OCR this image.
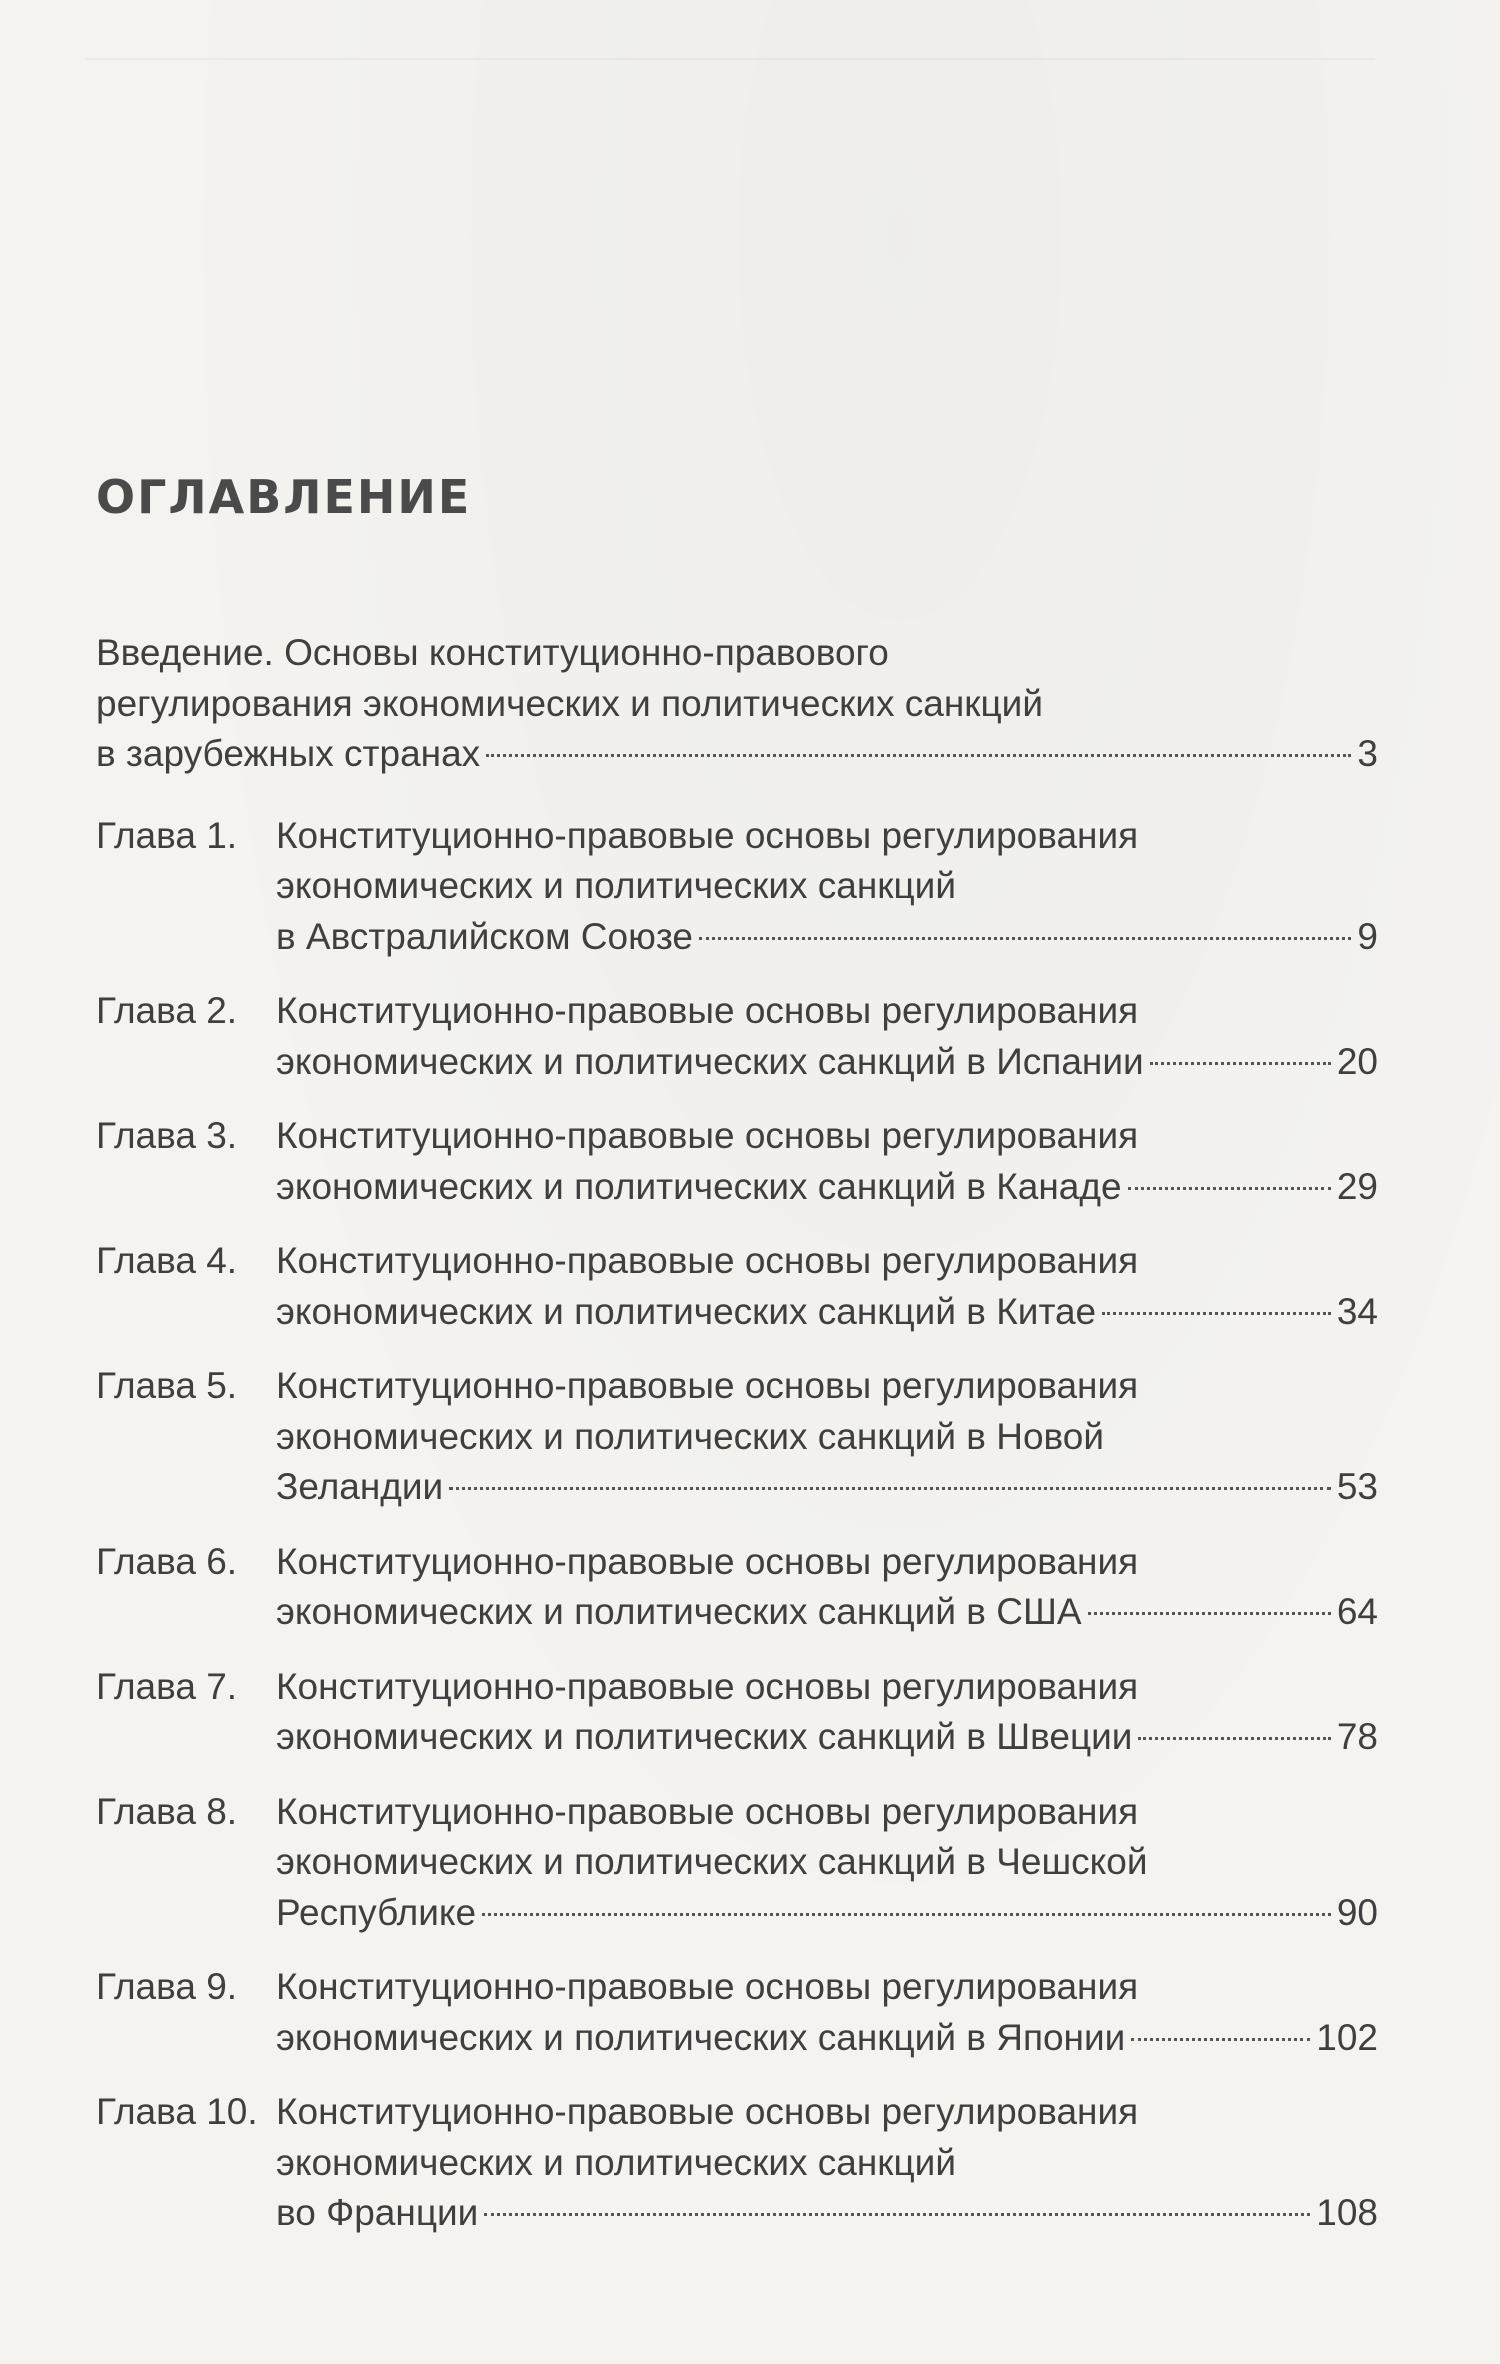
ОГЛАВЛЕНИЕ
Введение. Основы конституционно-правового
регулирования экономических и политических санкций
в зарубежных странах	3
Глава 1.	Конституционно-правовые основы регулирования
экономических и политических санкций
в Австралийском Союзе	9
Глава 2.	Конституционно-правовые основы регулирования
экономических и политических санкций в Испании	20
Глава 3.	Конституционно-правовые основы регулирования
экономических и политических санкций в Канаде	29
Глава 4.	Конституционно-правовые основы регулирования
экономических и политических санкций в Китае	34
Глава 5.	Конституционно-правовые основы регулирования
экономических и политических санкций в Новой
Зеландии	53
Глава 6.	Конституционно-правовые основы регулирования
экономических и политических санкций в США	64
Глава 7.	Конституционно-правовые основы регулирования
экономических и политических санкций в Швеции	78
Глава 8.	Конституционно-правовые основы регулирования
экономических и политических санкций в Чешской
Республике	90
Глава 9.	Конституционно-правовые основы регулирования
экономических и политических санкций в Японии	102
Глава 10. Конституционно-правовые основы регулирования
экономических и политических санкций
во Франции	108
